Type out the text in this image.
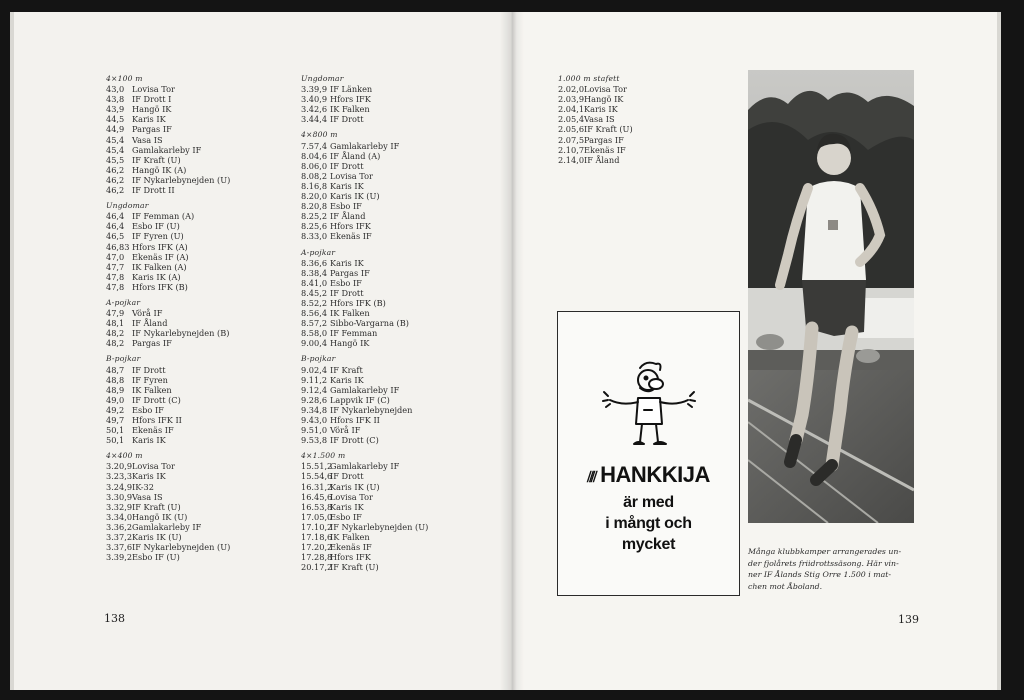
4×100 m
43,0 Lovisa Tor
43,8 IF Drott I
43,9 Hangö IK
44,5 Karis IK
44,9 Pargas IF
45,4 Vasa IS
45,4 Gamlakarleby IF
45,5 IF Kraft (U)
46,2 Hangö IK (A)
46,2 IF Nykarlebynejden (U)
46,2 IF Drott II
Ungdomar
46,4 IF Femman (A)
46,4 Esbo IF (U)
46,5 IF Fyren (U)
46,83 Hfors IFK (A)
47,0 Ekenäs IF (A)
47,7 IK Falken (A)
47,8 Karis IK (A)
47,8 Hfors IFK (B)
A-pojkar
47,9 Vörå IF
48,1 IF Åland
48,2 IF Nykarlebynejden (B)
48,2 Pargas IF
B-pojkar
48,7 IF Drott
48,8 IF Fyren
48,9 IK Falken
49,0 IF Drott (C)
49,2 Esbo IF
49,7 Hfors IFK II
50,1 Ekenäs IF
50,1 Karis IK
4×400 m
3.20,9Lovisa Tor
3.23,3Karis IK
3.24,9IK-32
3.30,9Vasa IS
3.32,9IF Kraft (U)
3.34,0Hangö IK (U)
3.36,2Gamlakarleby IF
3.37,2Karis IK (U)
3.37,6IF Nykarlebynejden (U)
3.39,2Esbo IF (U)
Ungdomar
3.39,9 IF Länken
3.40,9 Hfors IFK
3.42,6 IK Falken
3.44,4 IF Drott
4×800 m
7.57,4 Gamlakarleby IF
8.04,6 IF Åland (A)
8.06,0 IF Drott
8.08,2 Lovisa Tor
8.16,8 Karis IK
8.20,0 Karis IK (U)
8.20,8 Esbo IF
8.25,2 IF Åland
8.25,6 Hfors IFK
8.33,0 Ekenäs IF
A-pojkar
8.36,6 Karis IK
8.38,4 Pargas IF
8.41,0 Esbo IF
8.45,2 IF Drott
8.52,2 Hfors IFK (B)
8.56,4 IK Falken
8.57,2 Sibbo-Vargarna (B)
8.58,0 IF Femman
9.00,4 Hangö IK
B-pojkar
9.02,4 IF Kraft
9.11,2 Karis IK
9.12,4 Gamlakarleby IF
9.28,6 Lappvik IF (C)
9.34,8 IF Nykarlebynejden
9.43,0 Hfors IFK II
9.51,0 Vörå IF
9.53,8 IF Drott (C)
4×1.500 m
15.51,2Gamlakarleby IF
15.54,6IF Drott
16.31,2Karis IK (U)
16.45,6Lovisa Tor
16.53,8Karis IK
17.05,0Esbo IF
17.10,2IF Nykarlebynejden (U)
17.18,6IK Falken
17.20,2Ekenäs IF
17.28,8Hfors IFK
20.17,2IF Kraft (U)
1.000 m stafett
2.02,0Lovisa Tor
2.03,9Hangö IK
2.04,1Karis IK
2.05,4Vasa IS
2.05,6IF Kraft (U)
2.07,5Pargas IF
2.10,7Ekenäs IF
2.14,0IF Åland
138	139
⫽⫽ HANKKIJA
är med
i mångt och
mycket	Många klubbkamper arrangerades un-
der fjolårets friidrottssäsong. Här vin-
ner IF Ålands Stig Orre 1.500 i mat-
chen mot Åboland.
